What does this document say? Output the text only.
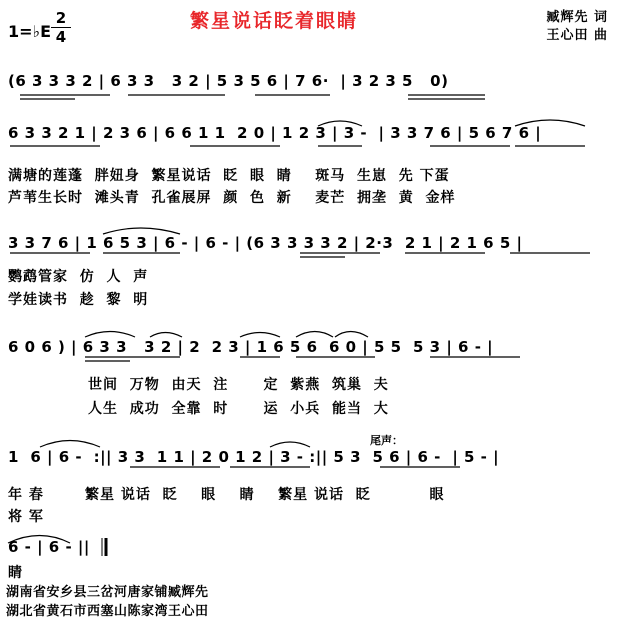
繁星说话眨着眼睛
1=♭E
2
4
臧辉先 词
王心田 曲
(6 3 3 3 2 | 6 3 3   3 2 | 5 3 5 6 | 7 6·  | 3 2 3 5   0)
6 3 3 2 1 | 2 3 6 | 6 6 1 1  2 0 | 1 2 3 | 3 -  | 3 3 7 6 | 5 6 7 6 |
满塘的莲蓬  胖妞身  繁星说话  眨  眼  睛    斑马  生崽  先 下蛋
芦苇生长时  滩头青  孔雀展屏  颜  色  新    麦芒  拥垄  黄  金样
3 3 7 6 | 1 6 5 3 | 6 - | 6 - | (6 3 3 3 3 2 | 2·3  2 1 | 2 1 6 5 |
鹦鹉管家  仿  人  声
学娃读书  趁  黎  明
6 0 6 ) | 6 3 3   3 2 | 2  2 3 | 1 6 5 6  6 0 | 5 5  5 3 | 6 - |
世间  万物  由天  注      定  紫燕  筑巢  夫
人生  成功  全靠  时      运  小兵  能当  大
尾声：
1  6 | 6 -  :|| 3 3  1 1 | 2 0 1 2 | 3 - :|| 5 3  5 6 | 6 -  | 5 - |
年 春       繁星 说话  眨    眼    睛    繁星 说话  眨          眼
将 军
6 - | 6 - ||
睛
湖南省安乡县三岔河唐家铺臧辉先
湖北省黄石市西塞山陈家湾王心田
